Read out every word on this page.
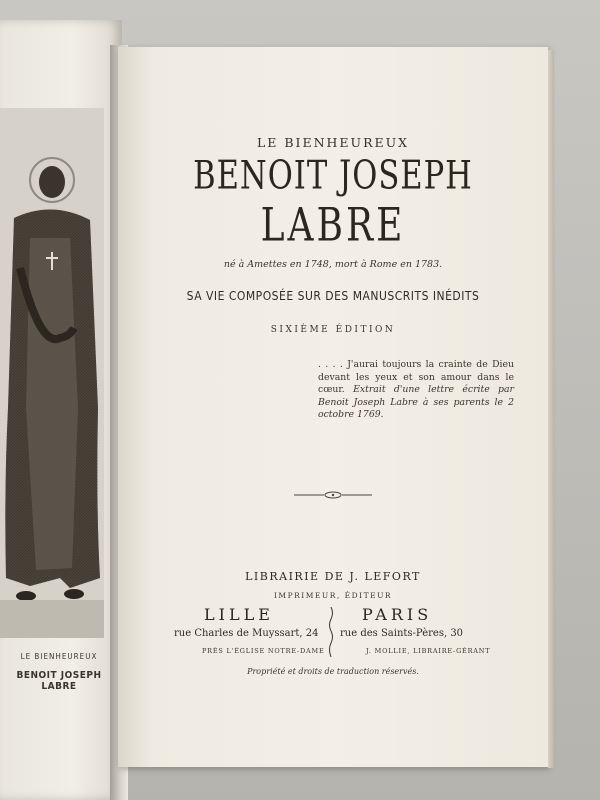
LE BIENHEUREUX
BENOIT JOSEPH LABRE
LE BIENHEUREUX
BENOIT JOSEPH
LABRE
né à Amettes en 1748, mort à Rome en 1783.
SA VIE COMPOSÉE SUR DES MANUSCRITS INÉDITS
SIXIÈME ÉDITION
. . . . J'aurai toujours la crainte de Dieu devant les yeux et son amour dans le cœur. Extrait d'une lettre écrite par Benoit Joseph Labre à ses parents le 2 octobre 1769.
LIBRAIRIE DE J. LEFORT
IMPRIMEUR, ÉDITEUR
LILLE	PARIS
rue Charles de Muyssart, 24 rue des Saints-Pères, 30
PRÈS L'ÉGLISE NOTRE-DAME	J. MOLLIE, LIBRAIRE-GÉRANT
Propriété et droits de traduction réservés.
